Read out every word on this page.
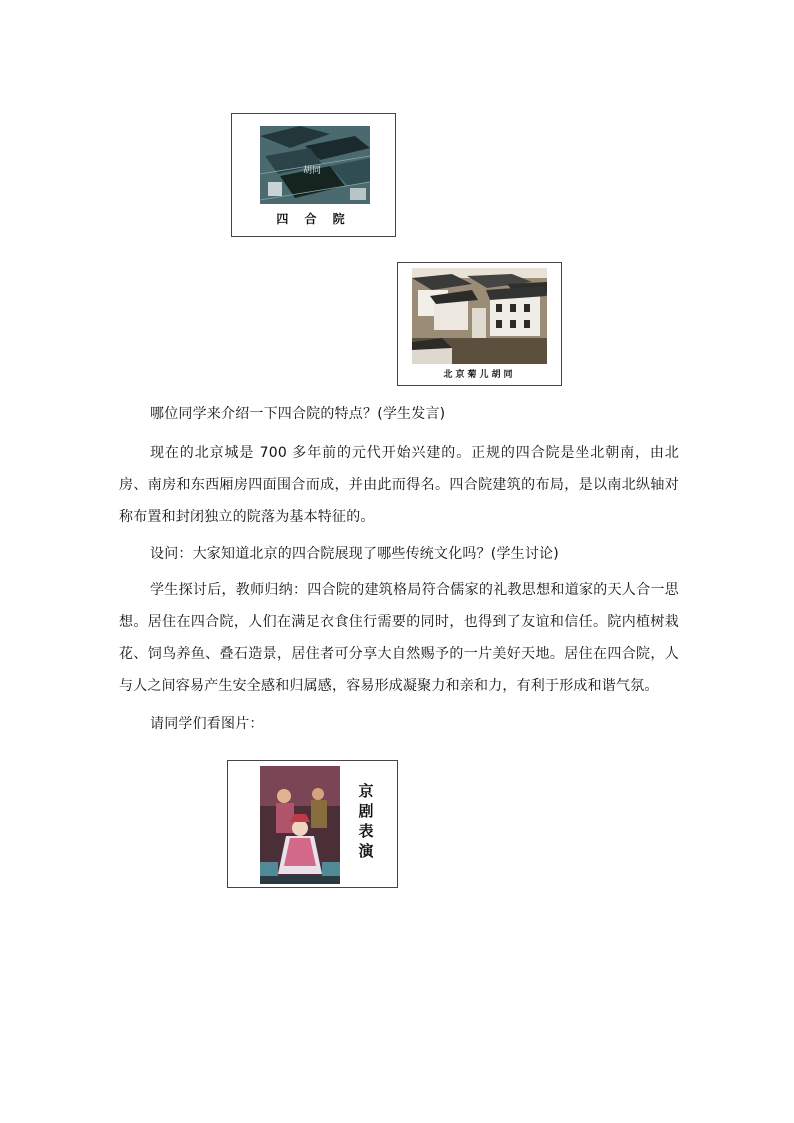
胡同
四 合 院
北京菊儿胡同

哪位同学来介绍一下四合院的特点？(学生发言)

现在的北京城是 700 多年前的元代开始兴建的。正规的四合院是坐北朝南，由北房、南房和东西厢房四面围合而成，并由此而得名。四合院建筑的布局，是以南北纵轴对称布置和封闭独立的院落为基本特征的。

设问：大家知道北京的四合院展现了哪些传统文化吗？(学生讨论)

学生探讨后，教师归纳：四合院的建筑格局符合儒家的礼教思想和道家的天人合一思想。居住在四合院，人们在满足衣食住行需要的同时，也得到了友谊和信任。院内植树栽花、饲鸟养鱼、叠石造景，居住者可分享大自然赐予的一片美好天地。居住在四合院，人与人之间容易产生安全感和归属感，容易形成凝聚力和亲和力，有利于形成和谐气氛。

请同学们看图片：

京
剧
表
演
